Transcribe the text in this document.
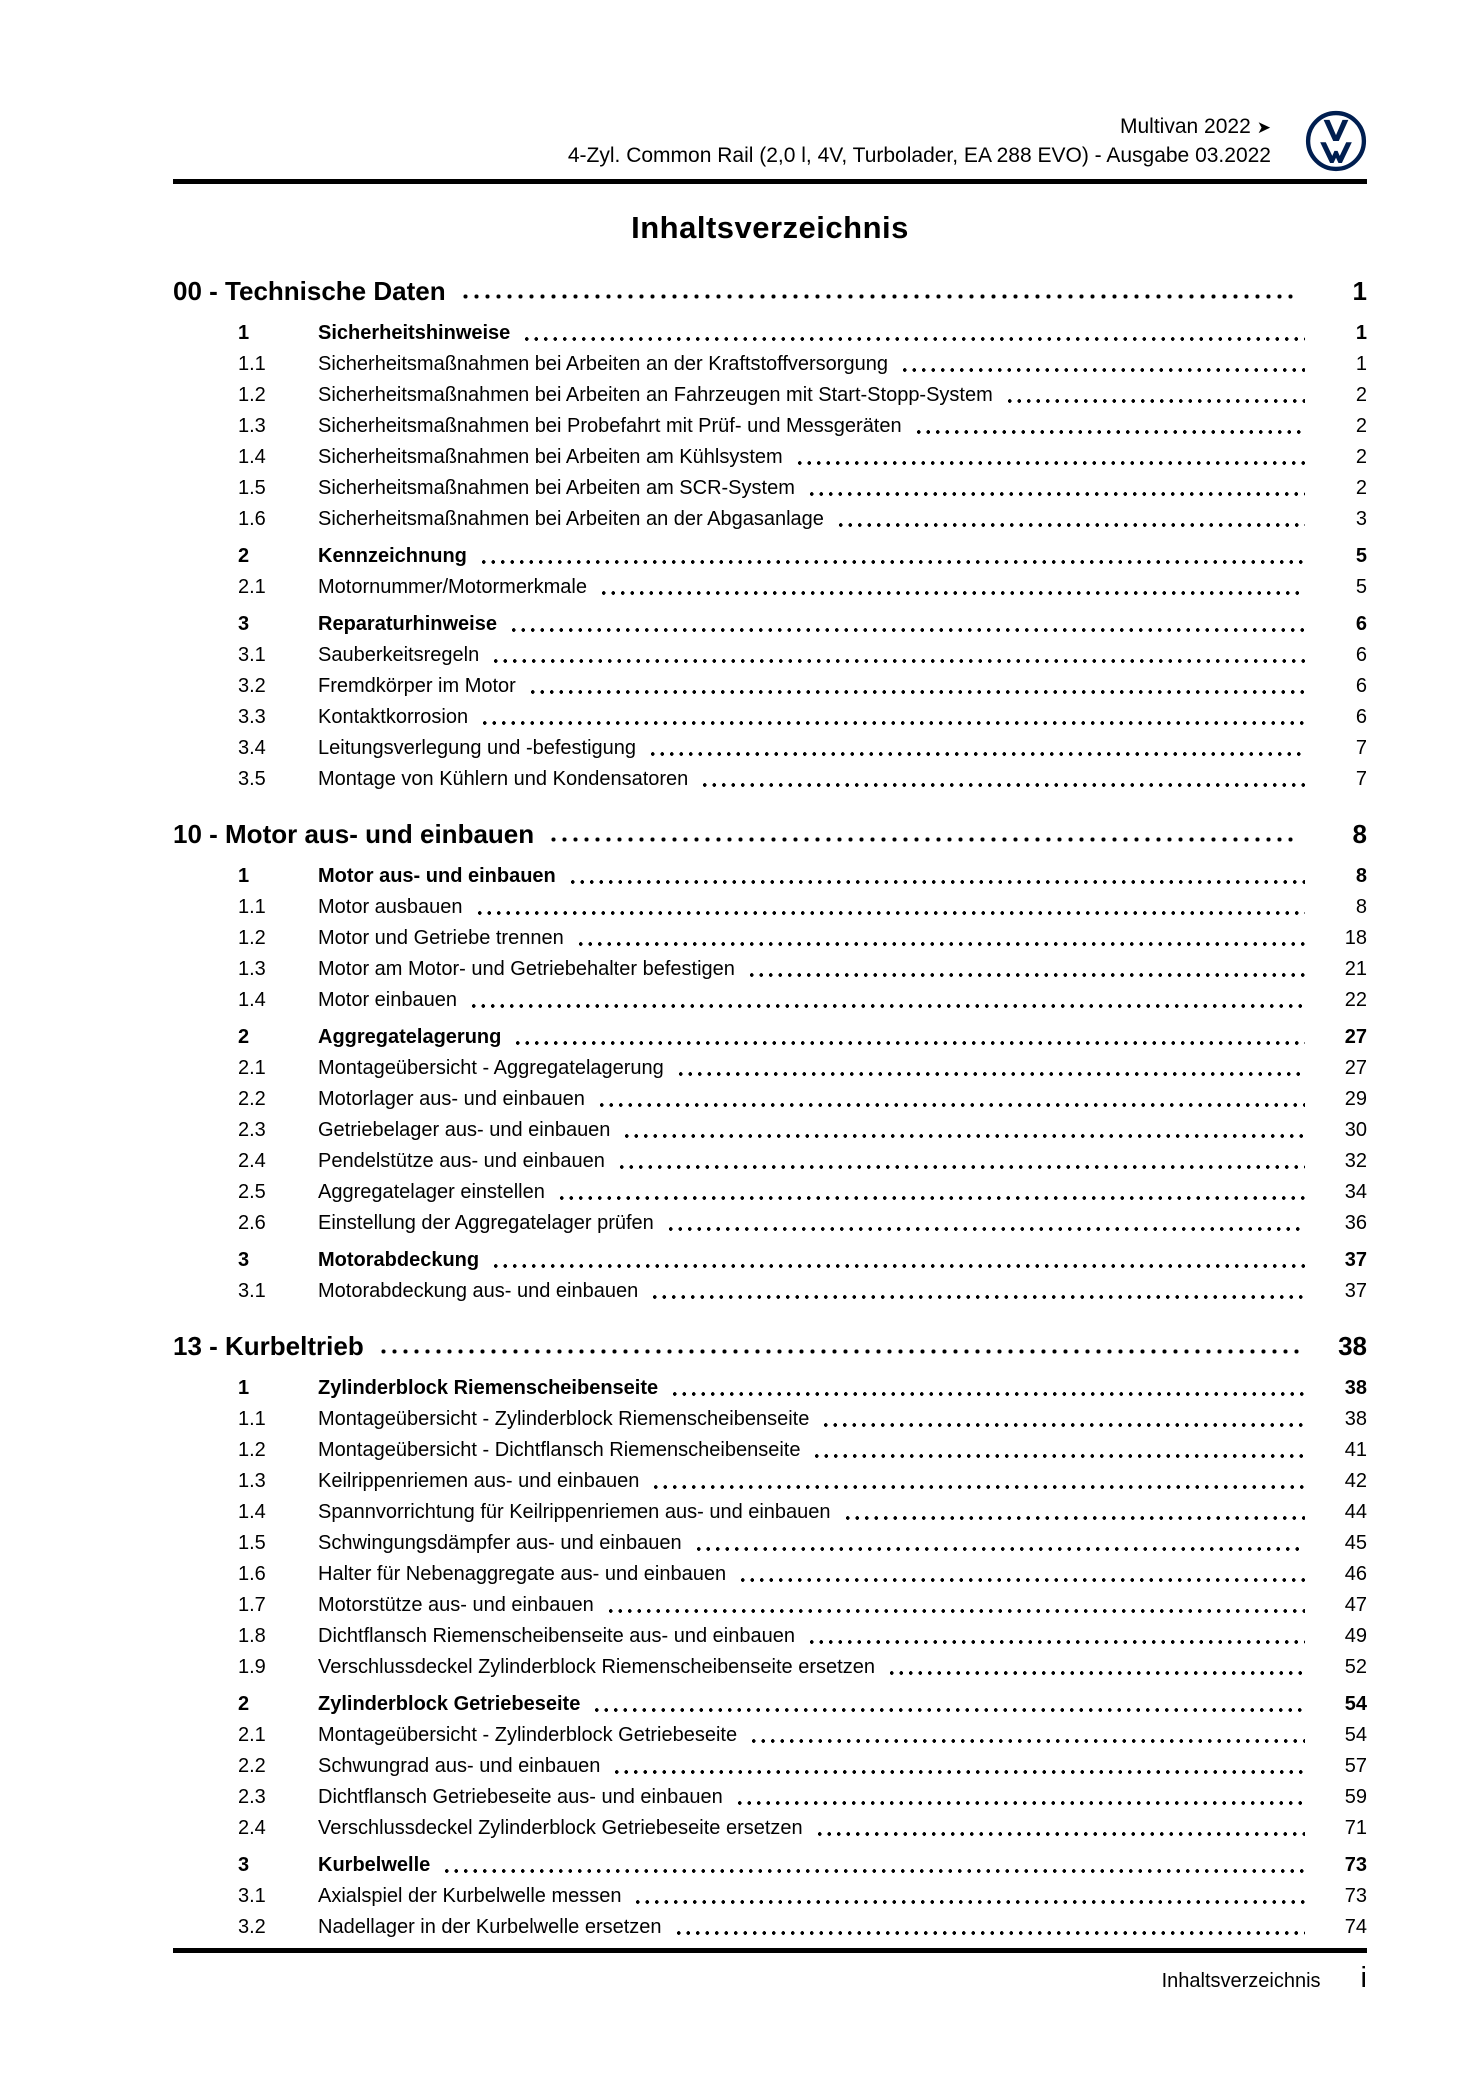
Multivan 2022 ➤
4-Zyl. Common Rail (2,0 l, 4V, Turbolader, EA 288 EVO) - Ausgabe 03.2022
Inhaltsverzeichnis
00 - Technische Daten	1
1	Sicherheitshinweise	1
1.1	Sicherheitsmaßnahmen bei Arbeiten an der Kraftstoffversorgung	1
1.2	Sicherheitsmaßnahmen bei Arbeiten an Fahrzeugen mit Start-Stopp-System	2
1.3	Sicherheitsmaßnahmen bei Probefahrt mit Prüf- und Messgeräten	2
1.4	Sicherheitsmaßnahmen bei Arbeiten am Kühlsystem	2
1.5	Sicherheitsmaßnahmen bei Arbeiten am SCR-System	2
1.6	Sicherheitsmaßnahmen bei Arbeiten an der Abgasanlage	3
2	Kennzeichnung	5
2.1	Motornummer/Motormerkmale	5
3	Reparaturhinweise	6
3.1	Sauberkeitsregeln	6
3.2	Fremdkörper im Motor	6
3.3	Kontaktkorrosion	6
3.4	Leitungsverlegung und -befestigung	7
3.5	Montage von Kühlern und Kondensatoren	7
10 - Motor aus- und einbauen	8
1	Motor aus- und einbauen	8
1.1	Motor ausbauen	8
1.2	Motor und Getriebe trennen	18
1.3	Motor am Motor- und Getriebehalter befestigen	21
1.4	Motor einbauen	22
2	Aggregatelagerung	27
2.1	Montageübersicht - Aggregatelagerung	27
2.2	Motorlager aus- und einbauen	29
2.3	Getriebelager aus- und einbauen	30
2.4	Pendelstütze aus- und einbauen	32
2.5	Aggregatelager einstellen	34
2.6	Einstellung der Aggregatelager prüfen	36
3	Motorabdeckung	37
3.1	Motorabdeckung aus- und einbauen	37
13 - Kurbeltrieb	38
1	Zylinderblock Riemenscheibenseite	38
1.1	Montageübersicht - Zylinderblock Riemenscheibenseite	38
1.2	Montageübersicht - Dichtflansch Riemenscheibenseite	41
1.3	Keilrippenriemen aus- und einbauen	42
1.4	Spannvorrichtung für Keilrippenriemen aus- und einbauen	44
1.5	Schwingungsdämpfer aus- und einbauen	45
1.6	Halter für Nebenaggregate aus- und einbauen	46
1.7	Motorstütze aus- und einbauen	47
1.8	Dichtflansch Riemenscheibenseite aus- und einbauen	49
1.9	Verschlussdeckel Zylinderblock Riemenscheibenseite ersetzen	52
2	Zylinderblock Getriebeseite	54
2.1	Montageübersicht - Zylinderblock Getriebeseite	54
2.2	Schwungrad aus- und einbauen	57
2.3	Dichtflansch Getriebeseite aus- und einbauen	59
2.4	Verschlussdeckel Zylinderblock Getriebeseite ersetzen	71
3	Kurbelwelle	73
3.1	Axialspiel der Kurbelwelle messen	73
3.2	Nadellager in der Kurbelwelle ersetzen	74
Inhaltsverzeichnis i
